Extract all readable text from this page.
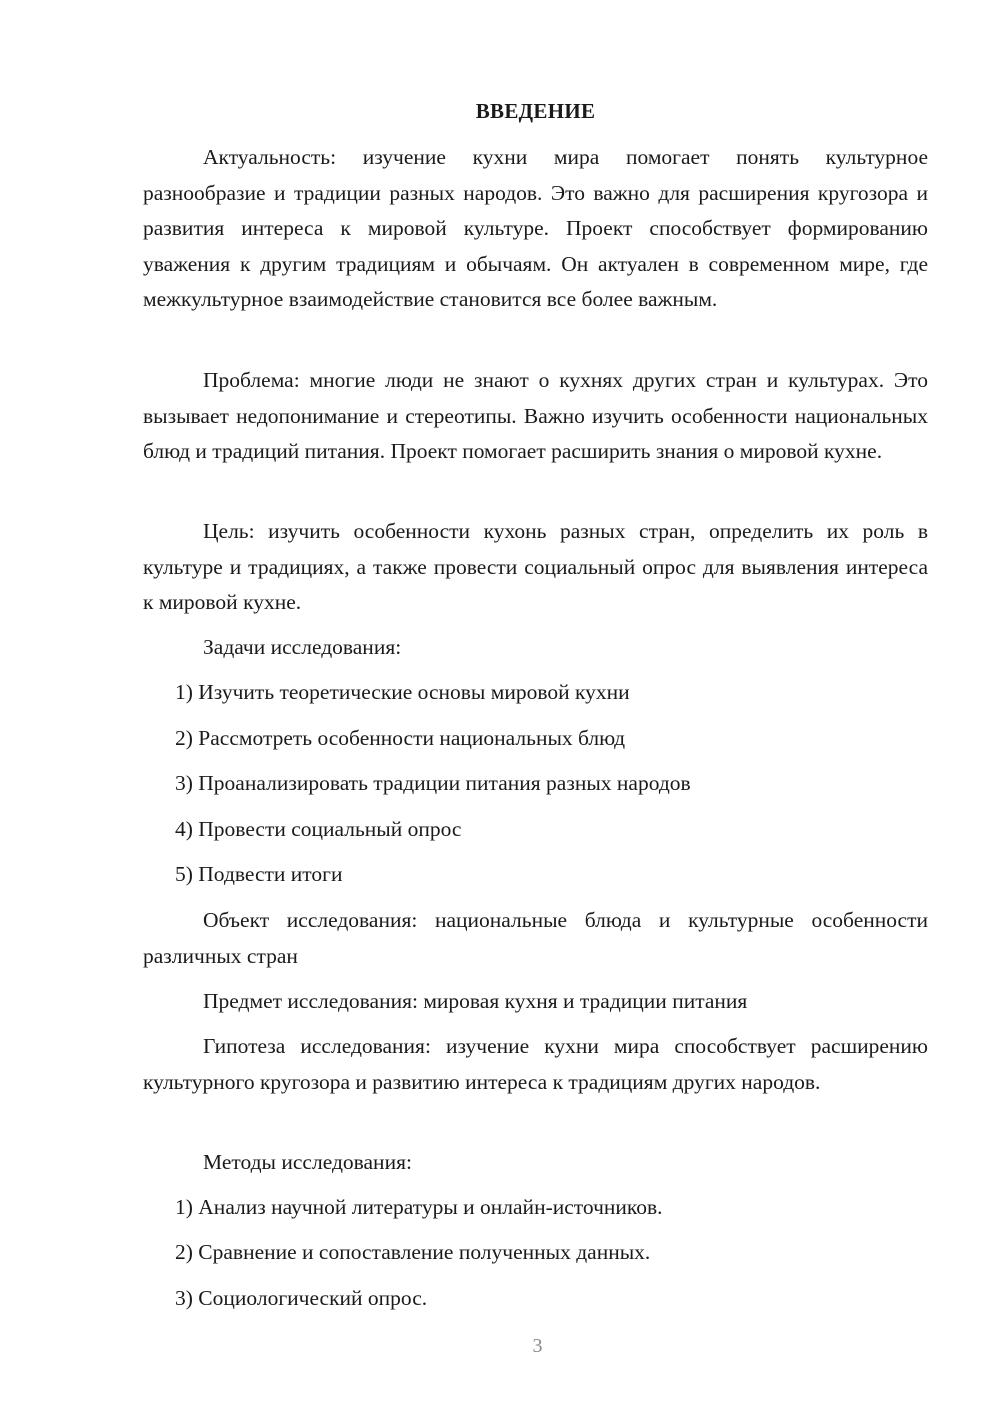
ВВЕДЕНИЕ

Актуальность: изучение кухни мира помогает понять культурное разнообразие и традиции разных народов. Это важно для расширения кругозора и развития интереса к мировой культуре. Проект способствует формированию уважения к другим традициям и обычаям. Он актуален в современном мире, где межкультурное взаимодействие становится все более важным.

Проблема: многие люди не знают о кухнях других стран и культурах. Это вызывает недопонимание и стереотипы. Важно изучить особенности национальных блюд и традиций питания. Проект помогает расширить знания о мировой кухне.

Цель: изучить особенности кухонь разных стран, определить их роль в культуре и традициях, а также провести социальный опрос для выявления интереса к мировой кухне.

Задачи исследования:

1) Изучить теоретические основы мировой кухни
2) Рассмотреть особенности национальных блюд
3) Проанализировать традиции питания разных народов
4) Провести социальный опрос
5) Подвести итоги

Объект исследования: национальные блюда и культурные особенности различных стран

Предмет исследования: мировая кухня и традиции питания

Гипотеза исследования: изучение кухни мира способствует расширению культурного кругозора и развитию интереса к традициям других народов.

Методы исследования:

1) Анализ научной литературы и онлайн-источников.
2) Сравнение и сопоставление полученных данных.
3) Социологический опрос.
3
